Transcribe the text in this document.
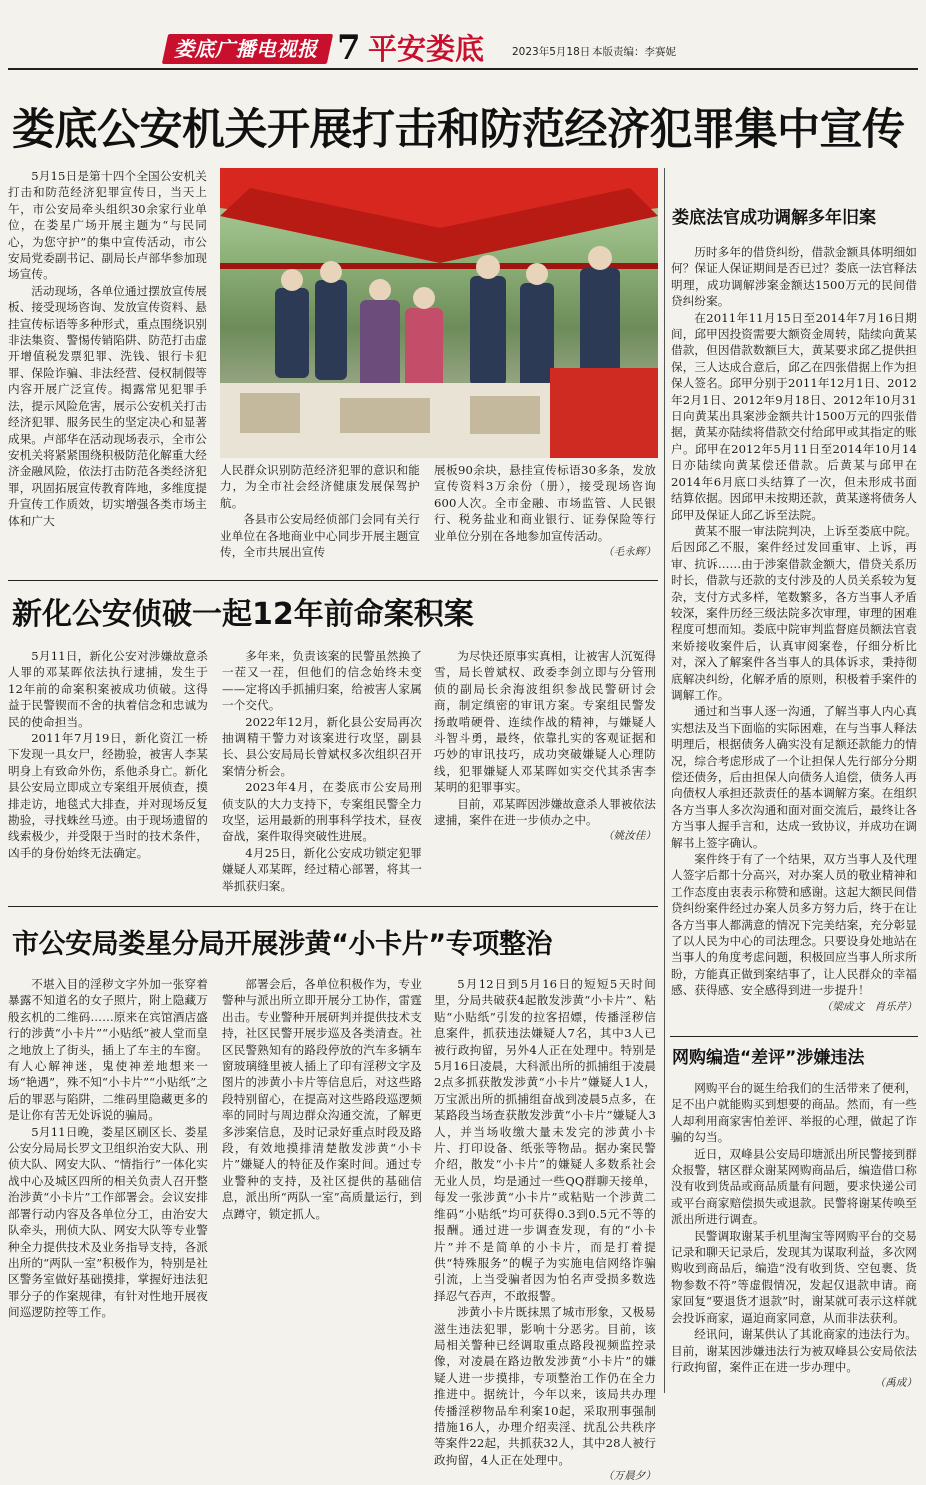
娄底广播电视报 7 平安娄底	2023年5月18日 本版责编：李赛妮
娄底公安机关开展打击和防范经济犯罪集中宣传

5月15日是第十四个全国公安机关打击和防范经济犯罪宣传日，当天上午，市公安局牵头组织30余家行业单位，在娄星广场开展主题为“与民同心，为您守护”的集中宣传活动，市公安局党委副书记、副局长卢部华参加现场宣传。

活动现场，各单位通过摆放宣传展板、接受现场咨询、发放宣传资料、悬挂宣传标语等多种形式，重点围绕识别非法集资、警惕传销陷阱、防范打击虚开增值税发票犯罪、洗钱、银行卡犯罪、保险诈骗、非法经营、侵权制假等内容开展广泛宣传。揭露常见犯罪手法，提示风险危害，展示公安机关打击经济犯罪、服务民生的坚定决心和显著成果。卢部华在活动现场表示，全市公安机关将紧紧围绕积极防范化解重大经济金融风险，依法打击防范各类经济犯罪，巩固拓展宣传教育阵地，多维度提升宣传工作质效，切实增强各类市场主体和广大

人民群众识别防范经济犯罪的意识和能力，为全市社会经济健康发展保驾护航。

各县市公安局经侦部门会同有关行业单位在各地商业中心同步开展主题宣传，全市共展出宣传

展板90余块，悬挂宣传标语30多条，发放宣传资料3万余份（册），接受现场咨询600人次。全市金融、市场监管、人民银行、税务盐业和商业银行、证券保险等行业单位分别在各地参加宣传活动。

（毛永辉）
娄底法官成功调解多年旧案

历时多年的借贷纠纷，借款金额具体明细如何？保证人保证期间是否已过？娄底一法官释法明理，成功调解涉案金额达1500万元的民间借贷纠纷案。

在2011年11月15日至2014年7月16日期间，邱甲因投资需要大额资金周转，陆续向黄某借款，但因借款数额巨大，黄某要求邱乙提供担保，三人达成合意后，邱乙在四张借据上作为担保人签名。邱甲分别于2011年12月1日、2012年2月1日、2012年9月18日、2012年10月31日向黄某出具案涉金额共计1500万元的四张借据，黄某亦陆续将借款交付给邱甲或其指定的账户。邱甲在2012年5月11日至2014年10月14日亦陆续向黄某偿还借款。后黄某与邱甲在2014年6月底口头结算了一次，但未形成书面结算依据。因邱甲未按期还款，黄某遂将债务人邱甲及保证人邱乙诉至法院。

黄某不服一审法院判决，上诉至娄底中院。后因邱乙不服，案件经过发回重审、上诉，再审、抗诉……由于涉案借款金额大，借贷关系历时长，借款与还款的支付涉及的人员关系较为复杂，支付方式多样，笔数繁多，各方当事人矛盾较深，案件历经三级法院多次审理，审理的困难程度可想而知。娄底中院审判监督庭员额法官袁来娇接收案件后，认真审阅案卷，仔细分析比对，深入了解案件各当事人的具体诉求，秉持彻底解决纠纷，化解矛盾的原则，积极着手案件的调解工作。

通过和当事人逐一沟通，了解当事人内心真实想法及当下面临的实际困难，在与当事人释法明理后，根据债务人确实没有足额还款能力的情况，综合考虑形成了一个让担保人先行部分分期偿还债务，后由担保人向债务人追偿，债务人再向债权人承担还款责任的基本调解方案。在组织各方当事人多次沟通和面对面交流后，最终让各方当事人握手言和，达成一致协议，并成功在调解书上签字确认。

案件终于有了一个结果，双方当事人及代理人签字后都十分高兴，对办案人员的敬业精神和工作态度由衷表示称赞和感谢。这起大额民间借贷纠纷案件经过办案人员多方努力后，终于在让各方当事人都满意的情况下完美结案，充分彰显了以人民为中心的司法理念。只要设身处地站在当事人的角度考虑问题，积极回应当事人所求所盼，方能真正做到案结事了，让人民群众的幸福感、获得感、安全感得到进一步提升！

（梁成文　肖乐芹）
网购编造“差评”涉嫌违法

网购平台的诞生给我们的生活带来了便利，足不出户就能购买到想要的商品。然而，有一些人却利用商家害怕差评、举报的心理，做起了诈骗的勾当。

近日，双峰县公安局印塘派出所民警接到群众报警，辖区群众谢某网购商品后，编造借口称没有收到货品或商品质量有问题，要求快递公司或平台商家赔偿损失或退款。民警将谢某传唤至派出所进行调查。

民警调取谢某手机里淘宝等网购平台的交易记录和聊天记录后，发现其为谋取利益，多次网购收到商品后，编造“没有收到货、空包裹、货物参数不符”等虚假情况，发起仅退款申请。商家回复“要退货才退款”时，谢某就可表示这样就会投诉商家，逼迫商家同意，从而非法获利。

经讯问，谢某供认了其讹商家的违法行为。目前，谢某因涉嫌违法行为被双峰县公安局依法行政拘留，案件正在进一步办理中。

（禹成）
新化公安侦破一起12年前命案积案

5月11日，新化公安对涉嫌故意杀人罪的邓某晖依法执行逮捕，发生于12年前的命案积案被成功侦破。这得益于民警锲而不舍的执着信念和忠诚为民的使命担当。

2011年7月19日，新化资江一桥下发现一具女尸，经勘验，被害人李某明身上有致命外伤，系他杀身亡。新化县公安局立即成立专案组开展侦查，摸排走访，地毯式大排查，并对现场反复勘验，寻找蛛丝马迹。由于现场遗留的线索极少，并受限于当时的技术条件，凶手的身份始终无法确定。

多年来，负责该案的民警虽然换了一茬又一茬，但他们的信念始终未变——定将凶手抓捕归案，给被害人家属一个交代。

2022年12月，新化县公安局再次抽调精干警力对该案进行攻坚，副县长、县公安局局长曾斌权多次组织召开案情分析会。

2023年4月，在娄底市公安局刑侦支队的大力支持下，专案组民警全力攻坚，运用最新的刑事科学技术，昼夜奋战，案件取得突破性进展。

4月25日，新化公安成功锁定犯罪嫌疑人邓某晖，经过精心部署，将其一举抓获归案。

为尽快还原事实真相，让被害人沉冤得雪，局长曾斌权、政委李剑立即与分管刑侦的副局长余海波组织参战民警研讨会商，制定缜密的审讯方案。专案组民警发扬敢啃硬骨、连续作战的精神，与嫌疑人斗智斗勇，最终，依靠扎实的客观证据和巧妙的审讯技巧，成功突破嫌疑人心理防线，犯罪嫌疑人邓某晖如实交代其杀害李某明的犯罪事实。

目前，邓某晖因涉嫌故意杀人罪被依法逮捕，案件在进一步侦办之中。

（姚汝佳）
市公安局娄星分局开展涉黄“小卡片”专项整治

不堪入目的淫秽文字外加一张穿着暴露不知道名的女子照片，附上隐藏万般玄机的二维码……原来在宾馆酒店盛行的涉黄“小卡片”“小贴纸”被人堂而皇之地放上了街头，插上了车主的车窗。有人心解神迷，鬼使神差地想来一场“艳遇”，殊不知“小卡片”“小贴纸”之后的罪恶与陷阱，二维码里隐藏更多的是让你有苦无处诉说的骗局。

5月11日晚，娄星区刷区长、娄星公安分局局长罗文卫组织治安大队、刑侦大队、网安大队、“情指行”一体化实战中心及城区四所的相关负责人召开整治涉黄“小卡片”工作部署会。会议安排部署行动内容及各单位分工，由治安大队牵头，刑侦大队、网安大队等专业警种全力提供技术及业务指导支持，各派出所的“两队一室”积极作为，特别是社区警务室做好基础摸排，掌握好违法犯罪分子的作案规律，有针对性地开展夜间巡逻防控等工作。

部署会后，各单位积极作为，专业警种与派出所立即开展分工协作，雷霆出击。专业警种开展研判并提供技术支持，社区民警开展步巡及各类清查。社区民警熟知有的路段停放的汽车多辆车窗玻璃缝里被人插上了印有淫秽文字及图片的涉黄小卡片等信息后，对这些路段特别留心，在提高对这些路段巡逻频率的同时与周边群众沟通交流，了解更多涉案信息，及时记录好重点时段及路段，有效地摸排清楚散发涉黄“小卡片”嫌疑人的特征及作案时间。通过专业警种的支持，及社区提供的基础信息，派出所“两队一室”高质量运行，到点蹲守，锁定抓人。

5月12日到5月16日的短短5天时间里，分局共破获4起散发涉黄“小卡片”、粘贴“小贴纸”引发的拉客招嫖，传播淫秽信息案件，抓获违法嫌疑人7名，其中3人已被行政拘留，另外4人正在处理中。特别是5月16日凌晨，大科派出所的抓捕组于凌晨2点多抓获散发涉黄“小卡片”嫌疑人1人，万宝派出所的抓捕组奋战到凌晨5点多，在某路段当场查获散发涉黄“小卡片”嫌疑人3人，并当场收缴大量未发完的涉黄小卡片、打印设备、纸张等物品。据办案民警介绍，散发“小卡片”的嫌疑人多数系社会无业人员，均是通过一些QQ群聊天接单，每发一张涉黄“小卡片”或粘贴一个涉黄二维码“小贴纸”均可获得0.3到0.5元不等的报酬。通过进一步调查发现，有的“小卡片”并不是简单的小卡片，而是打着提供“特殊服务”的幌子为实施电信网络诈骗引流，上当受骗者因为怕名声受损多数选择忍气吞声，不敢报警。

涉黄小卡片既抹黑了城市形象，又极易滋生违法犯罪，影响十分恶劣。目前，该局相关警种已经调取重点路段视频监控录像，对凌晨在路边散发涉黄“小卡片”的嫌疑人进一步摸排，专项整治工作仍在全力推进中。据统计，今年以来，该局共办理传播淫秽物品牟利案10起，采取刑事强制措施16人，办理介绍卖淫、扰乱公共秩序等案件22起，共抓获32人，其中28人被行政拘留，4人正在处理中。

（万晨夕）
